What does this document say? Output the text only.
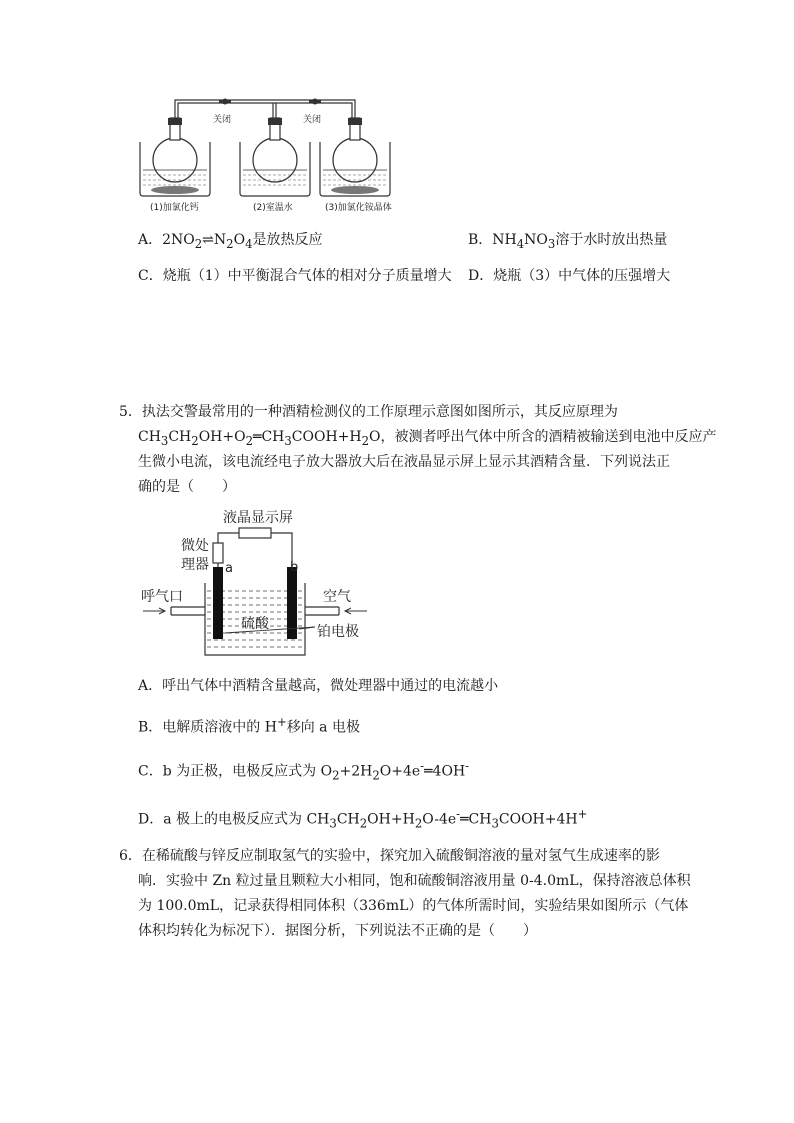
关闭	关闭
(1)加氯化钙	(2)室温水	(3)加氯化铵晶体
A．$2NO_2\rightleftharpoons N_2O_4$是放热反应	B．$NH_4NO_3$溶于水时放出热量
C．烧瓶（1）中平衡混合气体的相对分子质量增大 D．烧瓶（3）中气体的压强增大
5．执法交警最常用的一种酒精检测仪的工作原理示意图如图所示，其反应原理为
$CH_3CH_2OH+O_2═CH_3COOH+H_2O$，被测者呼出气体中所含的酒精被输送到电池中反应产
生微小电流，该电流经电子放大器放大后在液晶显示屏上显示其酒精含量．下列说法正
确的是（　　）
液晶显示屏
微处
理器 a	b
呼气口	空气
硫酸	铂电极
A．呼出气体中酒精含量越高，微处理器中通过的电流越小
B．电解质溶液中的 H+移向 a 电极
C．b 为正极，电极反应式为 $O_2+2H_2O+4e^-═4OH^-$
D．a 极上的电极反应式为 $CH_3CH_2OH+H_2O-4e^-═CH_3COOH+4H^+$
6．在稀硫酸与锌反应制取氢气的实验中，探究加入硫酸铜溶液的量对氢气生成速率的影
响．实验中 Zn 粒过量且颗粒大小相同，饱和硫酸铜溶液用量 0-4.0mL，保持溶液总体积
为 100.0mL，记录获得相同体积（336mL）的气体所需时间，实验结果如图所示（气体
体积均转化为标况下）．据图分析，下列说法不正确的是（　　）
